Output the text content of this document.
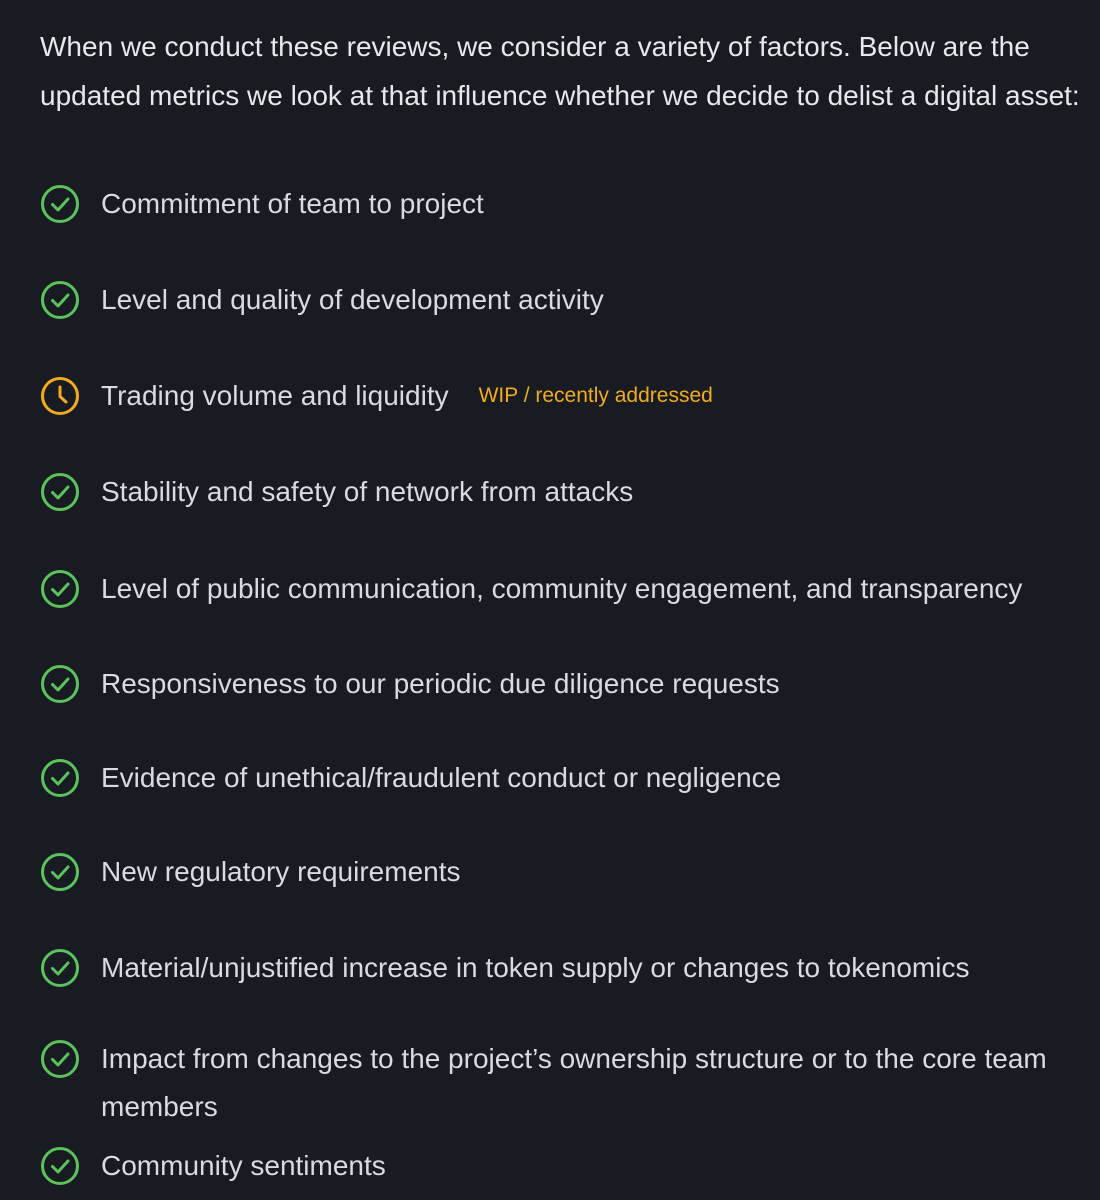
When we conduct these reviews, we consider a variety of factors. Below are the
updated metrics we look at that influence whether we decide to delist a digital asset:

Commitment of team to project
Level and quality of development activity
Trading volume and liquidity WIP / recently addressed
Stability and safety of network from attacks
Level of public communication, community engagement, and transparency
Responsiveness to our periodic due diligence requests
Evidence of unethical/fraudulent conduct or negligence
New regulatory requirements
Material/unjustified increase in token supply or changes to tokenomics
Impact from changes to the project’s ownership structure or to the core team members
Community sentiments
